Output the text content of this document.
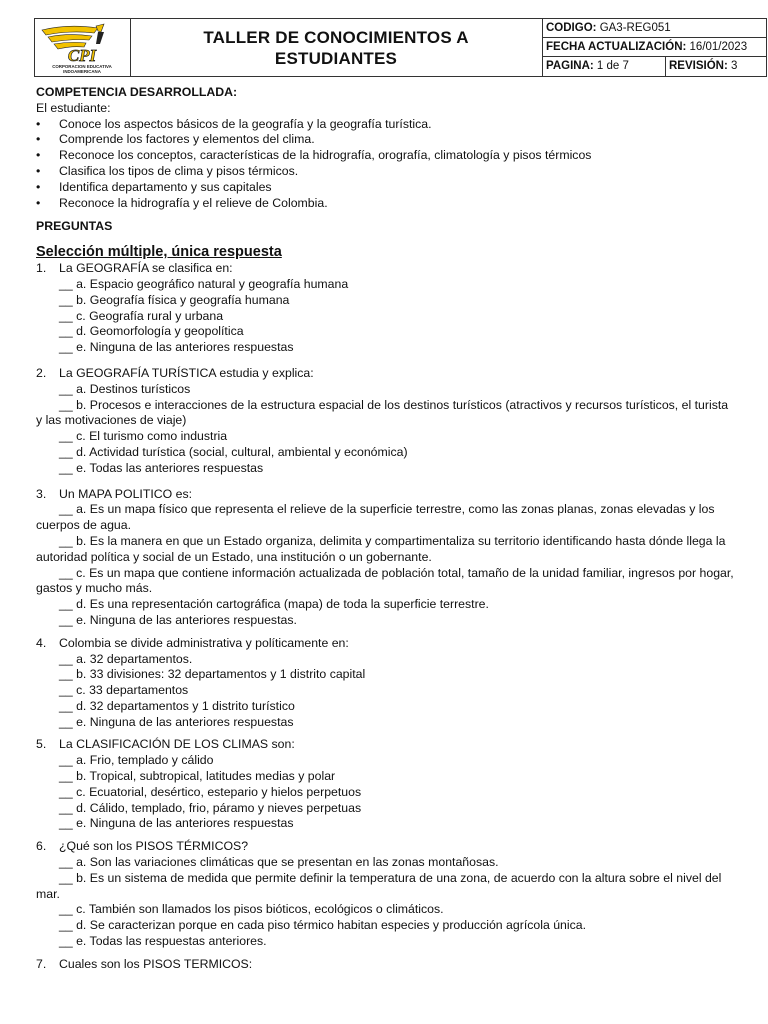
CPI
CORPORACION EDUCATIVA
INDOAMERICANA
TALLER DE CONOCIMIENTOS A ESTUDIANTES
CODIGO: GA3-REG051
FECHA ACTUALIZACIÓN: 16/01/2023
PAGINA: 1 de 7	REVISIÓN: 3
COMPETENCIA DESARROLLADA:
El estudiante:
• Conoce los aspectos básicos de la geografía y la geografía turística.
• Comprende los factores y elementos del clima.
• Reconoce los conceptos, características de la hidrografía, orografía, climatología y pisos térmicos
• Clasifica los tipos de clima y pisos térmicos.
• Identifica departamento y sus capitales
• Reconoce la hidrografía y el relieve de Colombia.
PREGUNTAS
Selección múltiple, única respuesta
1. La GEOGRAFÍA se clasifica en:
__ a. Espacio geográfico natural y geografía humana
__ b. Geografía física y geografía humana
__ c. Geografía rural y urbana
__ d. Geomorfología y geopolítica
__ e. Ninguna de las anteriores respuestas
2. La GEOGRAFÍA TURÍSTICA estudia y explica:
__ a. Destinos turísticos
__ b. Procesos e interacciones de la estructura espacial de los destinos turísticos (atractivos y recursos turísticos, el turista y las motivaciones de viaje)
__ c. El turismo como industria
__ d. Actividad turística (social, cultural, ambiental y económica)
__ e. Todas las anteriores respuestas
3. Un MAPA POLITICO es:
__ a. Es un mapa físico que representa el relieve de la superficie terrestre, como las zonas planas, zonas elevadas y los cuerpos de agua.
__ b. Es la manera en que un Estado organiza, delimita y compartimentaliza su territorio identificando hasta dónde llega la autoridad política y social de un Estado, una institución o un gobernante.
__ c. Es un mapa que contiene información actualizada de población total, tamaño de la unidad familiar, ingresos por hogar, gastos y mucho más.
__ d. Es una representación cartográfica (mapa) de toda la superficie terrestre.
__ e. Ninguna de las anteriores respuestas.
4. Colombia se divide administrativa y políticamente en:
__ a. 32 departamentos.
__ b. 33 divisiones: 32 departamentos y 1 distrito capital
__ c. 33 departamentos
__ d. 32 departamentos y 1 distrito turístico
__ e. Ninguna de las anteriores respuestas
5. La CLASIFICACIÓN DE LOS CLIMAS son:
__ a. Frio, templado y cálido
__ b. Tropical, subtropical, latitudes medias y polar
__ c. Ecuatorial, desértico, estepario y hielos perpetuos
__ d. Cálido, templado, frio, páramo y nieves perpetuas
__ e. Ninguna de las anteriores respuestas
6. ¿Qué son los PISOS TÉRMICOS?
__ a. Son las variaciones climáticas que se presentan en las zonas montañosas.
__ b. Es un sistema de medida que permite definir la temperatura de una zona, de acuerdo con la altura sobre el nivel del mar.
__ c. También son llamados los pisos bióticos, ecológicos o climáticos.
__ d. Se caracterizan porque en cada piso térmico habitan especies y producción agrícola única.
__ e. Todas las respuestas anteriores.
7. Cuales son los PISOS TERMICOS:
